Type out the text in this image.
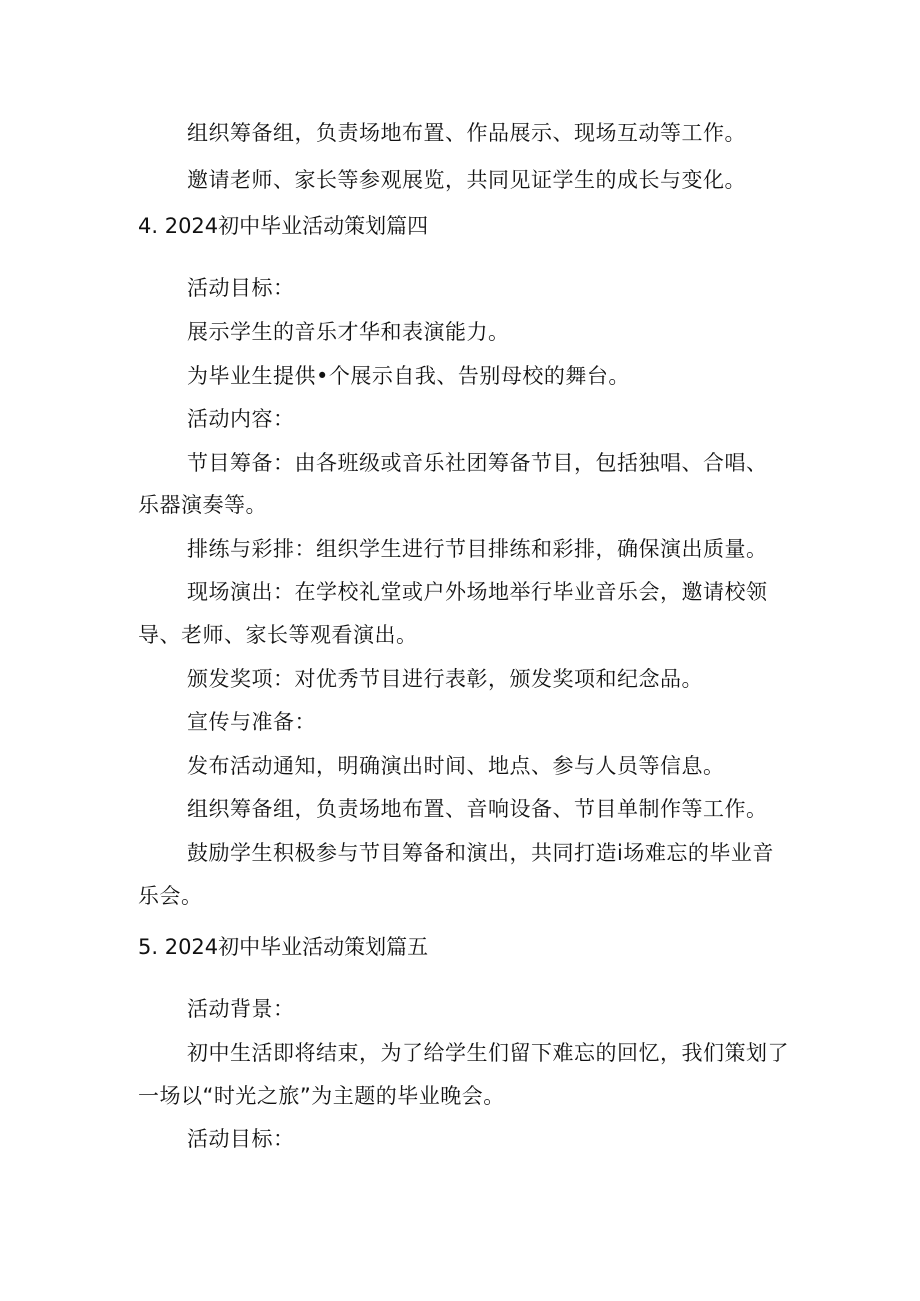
组织筹备组，负责场地布置、作品展示、现场互动等工作。
邀请老师、家长等参观展览，共同见证学生的成长与变化。
4. 2024初中毕业活动策划篇四
活动目标：
展示学生的音乐才华和表演能力。
为毕业生提供•个展示自我、告别母校的舞台。
活动内容：
节目筹备：由各班级或音乐社团筹备节目，包括独唱、合唱、
乐器演奏等。
排练与彩排：组织学生进行节目排练和彩排，确保演出质量。
现场演出：在学校礼堂或户外场地举行毕业音乐会，邀请校领
导、老师、家长等观看演出。
颁发奖项：对优秀节目进行表彰，颁发奖项和纪念品。
宣传与准备：
发布活动通知，明确演出时间、地点、参与人员等信息。
组织筹备组，负责场地布置、音响设备、节目单制作等工作。
鼓励学生积极参与节目筹备和演出，共同打造i场难忘的毕业音
乐会。
5. 2024初中毕业活动策划篇五
活动背景：
初中生活即将结束，为了给学生们留下难忘的回忆，我们策划了
一场以“时光之旅”为主题的毕业晚会。
活动目标：
